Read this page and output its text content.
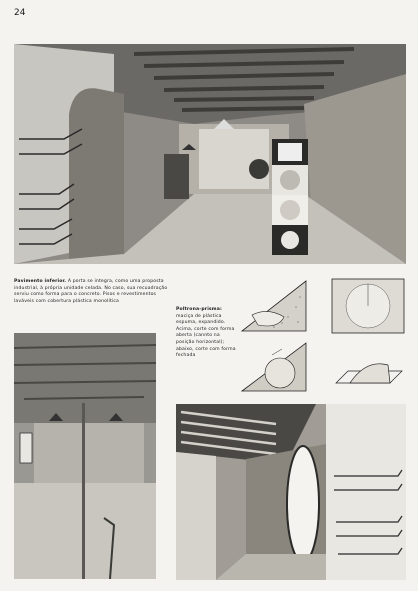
24
Pavimento inferior. A porta se integra, como uma proposta industrial, à própria unidade celada. No caso, sua recuadração serviu como forma para o concreto. Pisos e revestimentos laváveis com cobertura plástica monolítica
Poltrona-prisma: maciça de plástica espuma, expandido. Acima, corte com forma aberta (cannto na posição horizontal); abaixo, corte com forma fechada
